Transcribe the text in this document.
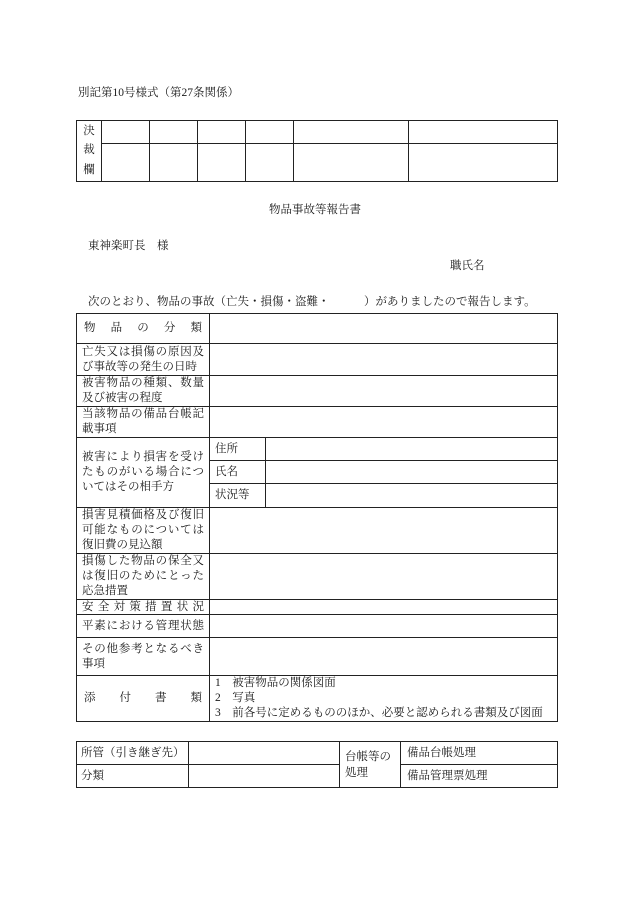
別記第10号様式（第27条関係）
決裁欄						

物品事故等報告書
東神楽町長　様
職氏名
次のとおり、物品の事故（亡失・損傷・盗難・　　　）がありましたので報告します。
物品の分類		
亡失又は損傷の原因及び事故等の発生の日時		
被害物品の種類、数量及び被害の程度		
当該物品の備品台帳記載事項		
被害により損害を受けたものがいる場合についてはその相手方	住所	
	氏名	
	状況等	
損害見積価格及び復旧可能なものについては復旧費の見込額		
損傷した物品の保全又は復旧のためにとった応急措置		
安全対策措置状況		
平素における管理状態		
その他参考となるべき事項		
添付書類	1　被害物品の関係図面
2　写真
3　前各号に定めるもののほか、必要と認められる書類及び図面	
所管（引き継ぎ先）		台帳等の処理	備品台帳処理
分類			備品管理票処理
